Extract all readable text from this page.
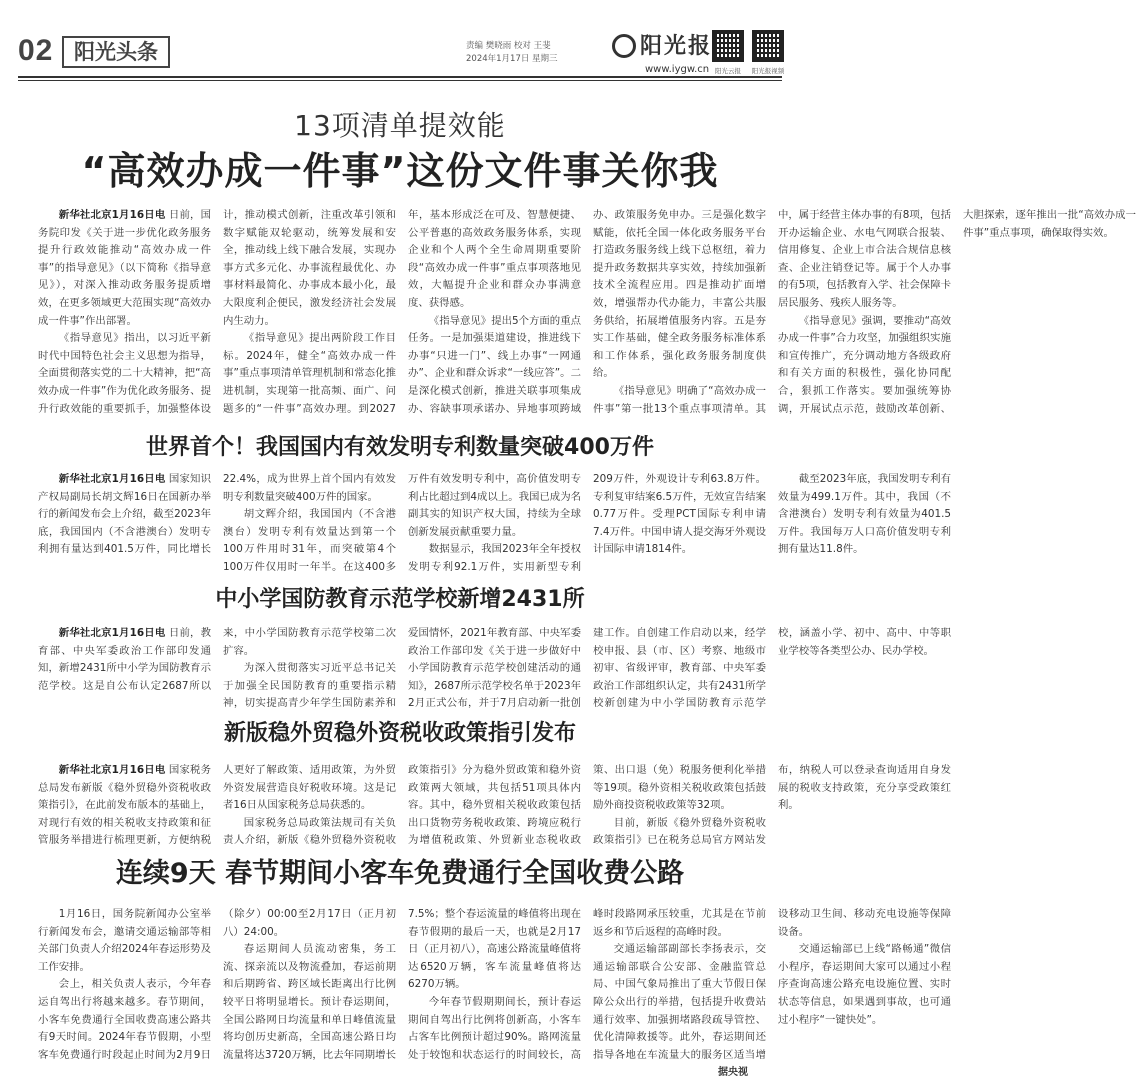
02 阳光头条	责编 樊晓雨 校对 王斐
2024年1月17日 星期三	阳光报
www.iygw.cn 阳光云报	阳光报视频
13项清单提效能
“高效办成一件事”这份文件事关你我

新华社北京1月16日电 日前，国务院印发《关于进一步优化政务服务提升行政效能推动“高效办成一件事”的指导意见》（以下简称《指导意见》），对深入推动政务服务提质增效，在更多领域更大范围实现“高效办成一件事”作出部署。

《指导意见》指出，以习近平新时代中国特色社会主义思想为指导，全面贯彻落实党的二十大精神，把“高效办成一件事”作为优化政务服务、提升行政效能的重要抓手，加强整体设计，推动模式创新，注重改革引领和数字赋能双轮驱动，统筹发展和安全，推动线上线下融合发展，实现办事方式多元化、办事流程最优化、办事材料最简化、办事成本最小化，最大限度利企便民，激发经济社会发展内生动力。

《指导意见》提出两阶段工作目标。2024年，健全“高效办成一件事”重点事项清单管理机制和常态化推进机制，实现第一批高频、面广、问题多的“一件事”高效办理。到2027年，基本形成泛在可及、智慧便捷、公平普惠的高效政务服务体系，实现企业和个人两个全生命周期重要阶段“高效办成一件事”重点事项落地见效，大幅提升企业和群众办事满意度、获得感。

《指导意见》提出5个方面的重点任务。一是加强渠道建设，推进线下办事“只进一门”、线上办事“一网通办”、企业和群众诉求“一线应答”。二是深化模式创新，推进关联事项集成办、容缺事项承诺办、异地事项跨域办、政策服务免申办。三是强化数字赋能，依托全国一体化政务服务平台打造政务服务线上线下总枢纽，着力提升政务数据共享实效，持续加强新技术全流程应用。四是推动扩面增效，增强帮办代办能力，丰富公共服务供给，拓展增值服务内容。五是夯实工作基础，健全政务服务标准体系和工作体系，强化政务服务制度供给。

《指导意见》明确了“高效办成一件事”第一批13个重点事项清单。其中，属于经营主体办事的有8项，包括开办运输企业、水电气网联合报装、信用修复、企业上市合法合规信息核查、企业注销登记等。属于个人办事的有5项，包括教育入学、社会保障卡居民服务、残疾人服务等。

《指导意见》强调，要推动“高效办成一件事”合力攻坚，加强组织实施和宣传推广，充分调动地方各级政府和有关方面的积极性，强化协同配合，狠抓工作落实。要加强统筹协调，开展试点示范，鼓励改革创新、大胆探索，逐年推出一批“高效办成一件事”重点事项，确保取得实效。

世界首个！我国国内有效发明专利数量突破400万件

新华社北京1月16日电 国家知识产权局副局长胡文辉16日在国新办举行的新闻发布会上介绍，截至2023年底，我国国内（不含港澳台）发明专利拥有量达到401.5万件，同比增长22.4%，成为世界上首个国内有效发明专利数量突破400万件的国家。

胡文辉介绍，我国国内（不含港澳台）发明专利有效量达到第一个100万件用时31年，而突破第4个100万件仅用时一年半。在这400多万件有效发明专利中，高价值发明专利占比超过到4成以上。我国已成为名副其实的知识产权大国，持续为全球创新发展贡献重要力量。

数据显示，我国2023年全年授权发明专利92.1万件，实用新型专利209万件，外观设计专利63.8万件。专利复审结案6.5万件，无效宣告结案0.77万件。受理PCT国际专利申请7.4万件。中国申请人提交海牙外观设计国际申请1814件。

截至2023年底，我国发明专利有效量为499.1万件。其中，我国（不含港澳台）发明专利有效量为401.5万件。我国每万人口高价值发明专利拥有量达11.8件。

中小学国防教育示范学校新增2431所

新华社北京1月16日电 日前，教育部、中央军委政治工作部印发通知，新增2431所中小学为国防教育示范学校。这是自公布认定2687所以来，中小学国防教育示范学校第二次扩容。

为深入贯彻落实习近平总书记关于加强全民国防教育的重要指示精神，切实提高青少年学生国防素养和爱国情怀，2021年教育部、中央军委政治工作部印发《关于进一步做好中小学国防教育示范学校创建活动的通知》，2687所示范学校名单于2023年2月正式公布，并于7月启动新一批创建工作。自创建工作启动以来，经学校申报、县（市、区）考察、地级市初审、省级评审，教育部、中央军委政治工作部组织认定，共有2431所学校新创建为中小学国防教育示范学校，涵盖小学、初中、高中、中等职业学校等各类型公办、民办学校。

新版稳外贸稳外资税收政策指引发布

新华社北京1月16日电 国家税务总局发布新版《稳外贸稳外资税收政策指引》，在此前发布版本的基础上，对现行有效的相关税收支持政策和征管服务举措进行梳理更新，方便纳税人更好了解政策、适用政策，为外贸外资发展营造良好税收环境。这是记者16日从国家税务总局获悉的。

国家税务总局政策法规司有关负责人介绍，新版《稳外贸稳外资税收政策指引》分为稳外贸政策和稳外资政策两大领域，共包括51项具体内容。其中，稳外贸相关税收政策包括出口货物劳务税收政策、跨境应税行为增值税政策、外贸新业态税收政策、出口退（免）税服务便利化举措等19项。稳外资相关税收政策包括鼓励外商投资税收政策等32项。

目前，新版《稳外贸稳外资税收政策指引》已在税务总局官方网站发布，纳税人可以登录查询适用自身发展的税收支持政策，充分享受政策红利。

连续9天 春节期间小客车免费通行全国收费公路

1月16日，国务院新闻办公室举行新闻发布会，邀请交通运输部等相关部门负责人介绍2024年春运形势及工作安排。

会上，相关负责人表示，今年春运自驾出行将越来越多。春节期间，小客车免费通行全国收费高速公路共有9天时间。2024年春节假期，小型客车免费通行时段起止时间为2月9日（除夕）00:00至2月17日（正月初八）24:00。

春运期间人员流动密集，务工流、探亲流以及物流叠加，春运前期和后期跨省、跨区域长距离出行比例较平日将明显增长。预计春运期间，全国公路网日均流量和单日峰值流量将均创历史新高，全国高速公路日均流量将达3720万辆，比去年同期增长7.5%；整个春运流量的峰值将出现在春节假期的最后一天，也就是2月17日（正月初八），高速公路流量峰值将达6520万辆，客车流量峰值将达6270万辆。

今年春节假期期间长，预计春运期间自驾出行比例将创新高，小客车占客车比例预计超过90%。路网流量处于较饱和状态运行的时间较长，高峰时段路网承压较重，尤其是在节前返乡和节后返程的高峰时段。

交通运输部副部长李扬表示，交通运输部联合公安部、金融监管总局、中国气象局推出了重大节假日保障公众出行的举措，包括提升收费站通行效率、加强拥堵路段疏导管控、优化清障救援等。此外，春运期间还指导各地在车流量大的服务区适当增设移动卫生间、移动充电设施等保障设备。

交通运输部已上线“路畅通”微信小程序，春运期间大家可以通过小程序查询高速公路充电设施位置、实时状态等信息，如果遇到事故，也可通过小程序“一键快处”。

据央视
